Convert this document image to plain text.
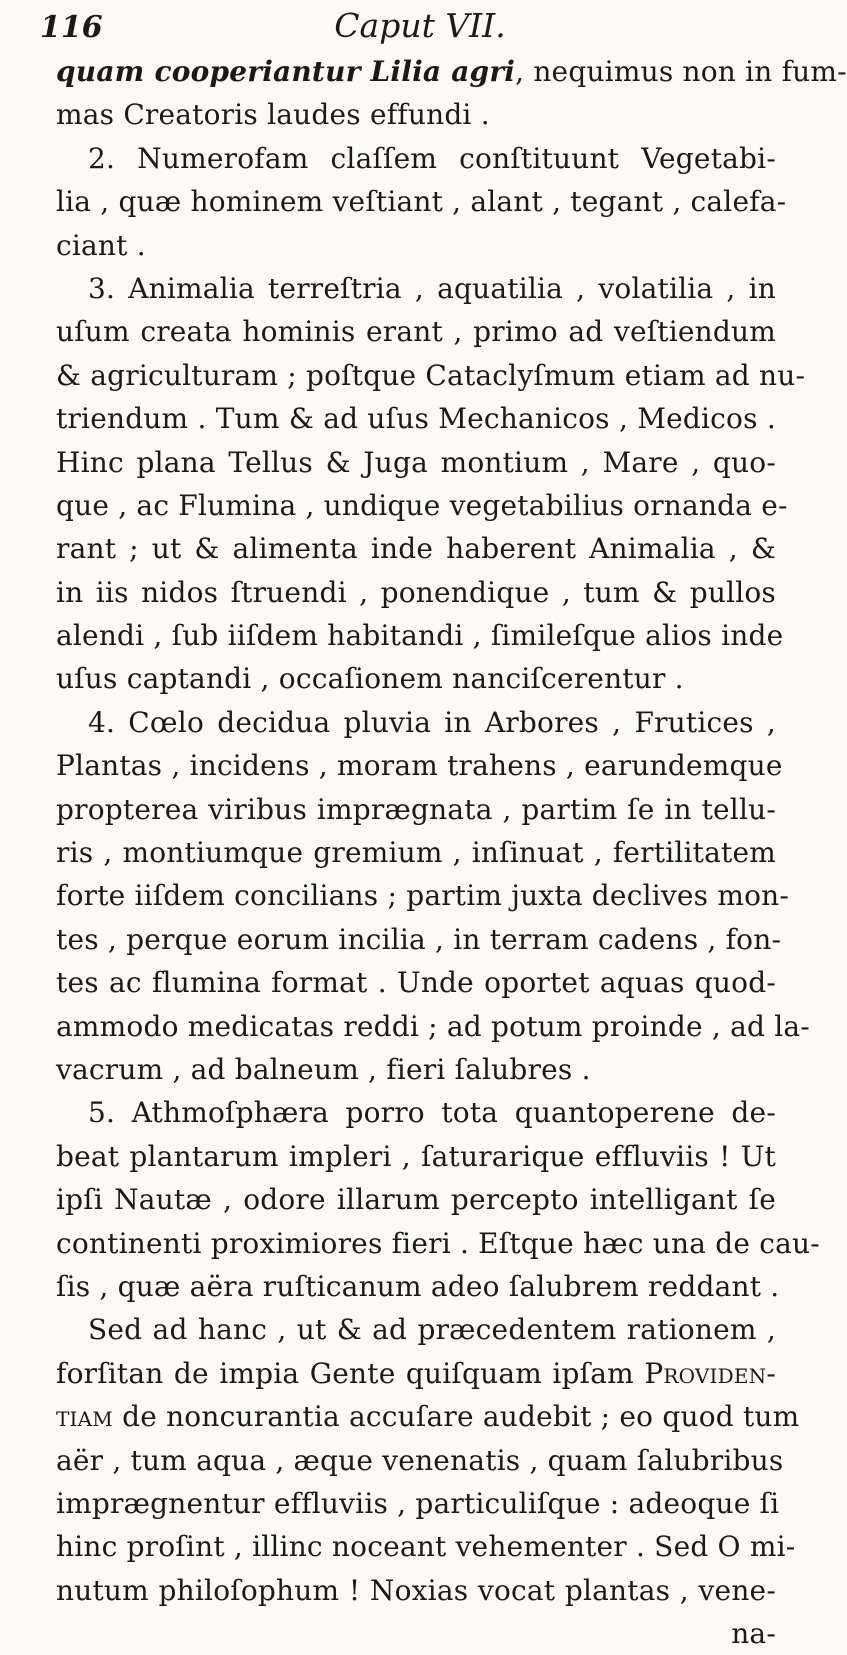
116	Caput VII.
quam cooperiantur Lilia agri, nequimus non in fum-
mas Creatoris laudes effundi .
2. Numerofam claſſem conſtituunt Vegetabi-
lia , quæ hominem veſtiant , alant , tegant , calefa-
ciant .
3. Animalia terreſtria , aquatilia , volatilia , in
uſum creata hominis erant , primo ad veſtiendum
& agriculturam ; poſtque Cataclyſmum etiam ad nu-
triendum . Tum & ad uſus Mechanicos , Medicos .
Hinc plana Tellus & Juga montium , Mare , quo-
que , ac Flumina , undique vegetabilius ornanda e-
rant ; ut & alimenta inde haberent Animalia , &
in iis nidos ſtruendi , ponendique , tum & pullos
alendi , ſub iiſdem habitandi , ſimileſque alios inde
uſus captandi , occaſionem nanciſcerentur .
4. Cœlo decidua pluvia in Arbores , Frutices ,
Plantas , incidens , moram trahens , earundemque
propterea viribus imprægnata , partim ſe in tellu-
ris , montiumque gremium , inſinuat , fertilitatem
forte iiſdem concilians ; partim juxta declives mon-
tes , perque eorum incilia , in terram cadens , fon-
tes ac flumina format . Unde oportet aquas quod-
ammodo medicatas reddi ; ad potum proinde , ad la-
vacrum , ad balneum , fieri ſalubres .
5. Athmoſphæra porro tota quantoperene de-
beat plantarum impleri , ſaturarique effluviis ! Ut
ipſi Nautæ , odore illarum percepto intelligant ſe
continenti proximiores fieri . Eſtque hæc una de cau-
ſis , quæ aëra ruſticanum adeo ſalubrem reddant .
Sed ad hanc , ut & ad præcedentem rationem ,
forſitan de impia Gente quiſquam ipſam Providen-
tiam de noncurantia accuſare audebit ; eo quod tum
aër , tum aqua , æque venenatis , quam ſalubribus
imprægnentur effluviis , particuliſque : adeoque ſi
hinc proſint , illinc noceant vehementer . Sed O mi-
nutum philoſophum ! Noxias vocat plantas , vene-
na-
